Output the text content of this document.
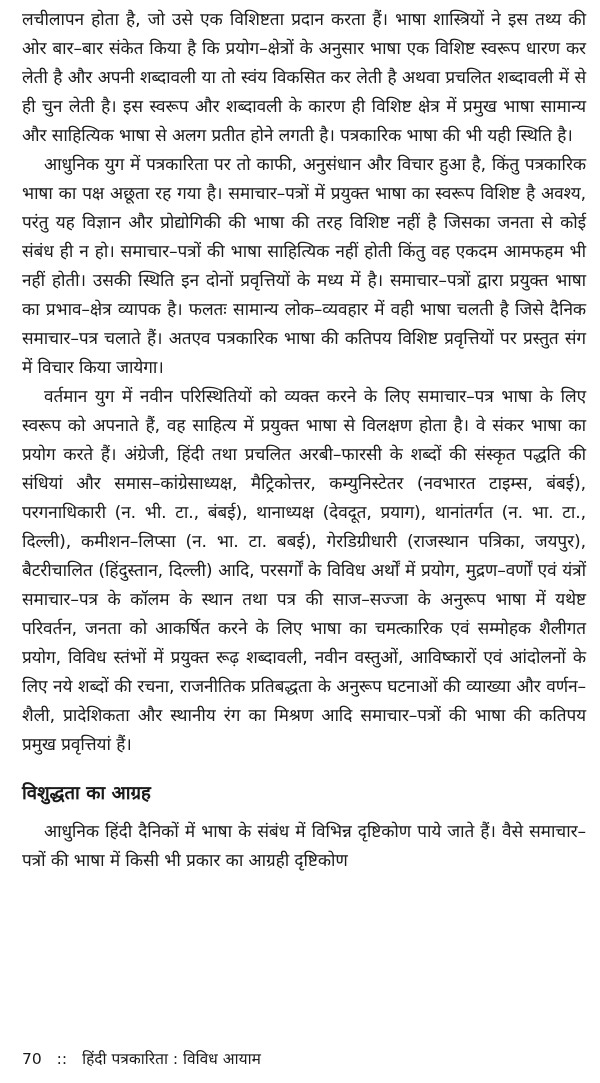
लचीलापन होता है, जो उसे एक विशिष्टता प्रदान करता हैं। भाषा शास्त्रियों ने इस तथ्य की ओर बार–बार संकेत किया है कि प्रयोग–क्षेत्रों के अनुसार भाषा एक विशिष्ट स्वरूप धारण कर लेती है और अपनी शब्दावली या तो स्वंय विकसित कर लेती है अथवा प्रचलित शब्दावली में से ही चुन लेती है। इस स्वरूप और शब्दावली के कारण ही विशिष्ट क्षेत्र में प्रमुख भाषा सामान्य और साहित्यिक भाषा से अलग प्रतीत होने लगती है। पत्रकारिक भाषा की भी यही स्थिति है।

आधुनिक युग में पत्रकारिता पर तो काफी, अनुसंधान और विचार हुआ है, किंतु पत्रकारिक भाषा का पक्ष अछूता रह गया है। समाचार–पत्रों में प्रयुक्त भाषा का स्वरूप विशिष्ट है अवश्य, परंतु यह विज्ञान और प्रोद्योगिकी की भाषा की तरह विशिष्ट नहीं है जिसका जनता से कोई संबंध ही न हो। समाचार–पत्रों की भाषा साहित्यिक नहीं होती किंतु वह एकदम आमफहम भी नहीं होती। उसकी स्थिति इन दोनों प्रवृत्तियों के मध्य में है। समाचार–पत्रों द्वारा प्रयुक्त भाषा का प्रभाव–क्षेत्र व्यापक है। फलतः सामान्य लोक–व्यवहार में वही भाषा चलती है जिसे दैनिक समाचार–पत्र चलाते हैं। अतएव पत्रकारिक भाषा की कतिपय विशिष्ट प्रवृत्तियों पर प्रस्तुत संग में विचार किया जायेगा।

वर्तमान युग में नवीन परिस्थितियों को व्यक्त करने के लिए समाचार–पत्र भाषा के लिए स्वरूप को अपनाते हैं, वह साहित्य में प्रयुक्त भाषा से विलक्षण होता है। वे संकर भाषा का प्रयोग करते हैं। अंग्रेजी, हिंदी तथा प्रचलित अरबी–फारसी के शब्दों की संस्कृत पद्धति की संधियां और समास–कांग्रेसाध्यक्ष, मैट्रिकोत्तर, कम्युनिस्टेतर (नवभारत टाइम्स, बंबई), परगनाधिकारी (न. भी. टा., बंबई), थानाध्यक्ष (देवदूत, प्रयाग), थानांतर्गत (न. भा. टा., दिल्ली), कमीशन–लिप्सा (न. भा. टा. बबई), गेरडिग्रीधारी (राजस्थान पत्रिका, जयपुर), बैटरीचालित (हिंदुस्तान, दिल्ली) आदि, परसर्गों के विविध अर्थों में प्रयोग, मुद्रण–वर्णों एवं यंत्रों समाचार–पत्र के कॉलम के स्थान तथा पत्र की साज–सज्जा के अनुरूप भाषा में यथेष्ट परिवर्तन, जनता को आकर्षित करने के लिए भाषा का चमत्कारिक एवं सम्मोहक शैलीगत प्रयोग, विविध स्तंभों में प्रयुक्त रूढ़ शब्दावली, नवीन वस्तुओं, आविष्कारों एवं आंदोलनों के लिए नये शब्दों की रचना, राजनीतिक प्रतिबद्धता के अनुरूप घटनाओं की व्याख्या और वर्णन–शैली, प्रादेशिकता और स्थानीय रंग का मिश्रण आदि समाचार–पत्रों की भाषा की कतिपय प्रमुख प्रवृत्तियां हैं।

विशुद्धता का आग्रह

आधुनिक हिंदी दैनिकों में भाषा के संबंध में विभिन्न दृष्टिकोण पाये जाते हैं। वैसे समाचार–पत्रों की भाषा में किसी भी प्रकार का आग्रही दृष्टिकोण

70 :: हिंदी पत्रकारिता : विविध आयाम
